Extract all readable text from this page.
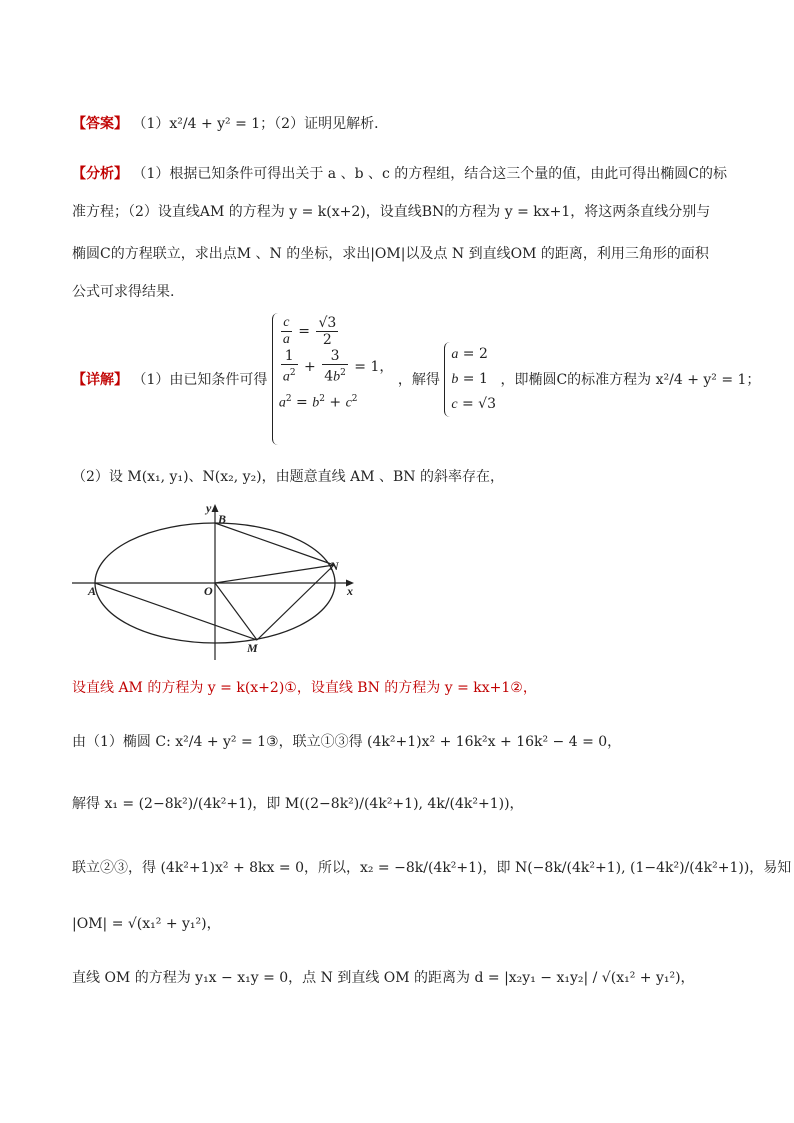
【答案】 （1）x²/4 + y² = 1；（2）证明见解析．
【分析】 （1）根据已知条件可得出关于 a 、b 、c 的方程组，结合这三个量的值，由此可得出椭圆C的标
准方程；（2）设直线AM 的方程为 y = k(x+2)，设直线BN的方程为 y = kx+1，将这两条直线分别与
椭圆C的方程联立，求出点M 、N 的坐标，求出|OM|以及点 N 到直线OM 的距离，利用三角形的面积
公式可求得结果.
【详解】 （1）由已知条件可得
$\frac{c}{a} = \frac{√3}{2}$
$\frac{1}{a^2} + \frac{3}{4b^2} = 1$，
$a^2 = b^2 + c^2$
，解得
a = 2
b = 1
c = √3
，即椭圆C的标准方程为 x²/4 + y² = 1；
（2）设 M(x₁, y₁)、N(x₂, y₂)，由题意直线 AM 、BN 的斜率存在，
y
B
N
A	O	x
M
设直线 AM 的方程为 y = k(x+2)①，设直线 BN 的方程为 y = kx+1②，
由（1）椭圆 C: x²/4 + y² = 1③，联立①③得 (4k²+1)x² + 16k²x + 16k² − 4 = 0，
解得 x₁ = (2−8k²)/(4k²+1)，即 M((2−8k²)/(4k²+1), 4k/(4k²+1))，
联立②③，得 (4k²+1)x² + 8kx = 0，所以，x₂ = −8k/(4k²+1)，即 N(−8k/(4k²+1), (1−4k²)/(4k²+1))，易知
|OM| = √(x₁² + y₁²)，
直线 OM 的方程为 y₁x − x₁y = 0，点 N 到直线 OM 的距离为 d = |x₂y₁ − x₁y₂| / √(x₁² + y₁²)，
